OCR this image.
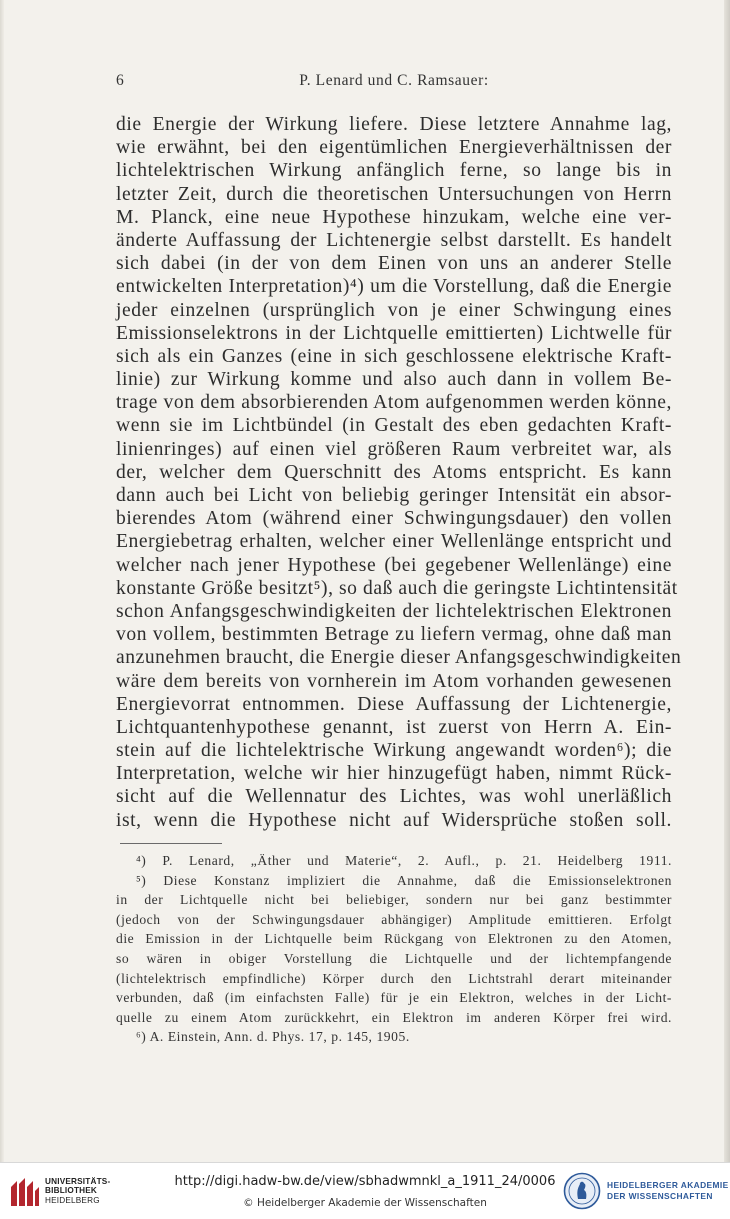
6	P. Lenard und C. Ramsauer:
die Energie der Wirkung liefere. Diese letztere Annahme lag,
wie erwähnt, bei den eigentümlichen Energieverhältnissen der
lichtelektrischen Wirkung anfänglich ferne, so lange bis in
letzter Zeit, durch die theoretischen Untersuchungen von Herrn
M. Planck, eine neue Hypothese hinzukam, welche eine ver-
änderte Auffassung der Lichtenergie selbst darstellt. Es handelt
sich dabei (in der von dem Einen von uns an anderer Stelle
entwickelten Interpretation)⁴) um die Vorstellung, daß die Energie
jeder einzelnen (ursprünglich von je einer Schwingung eines
Emissionselektrons in der Lichtquelle emittierten) Lichtwelle für
sich als ein Ganzes (eine in sich geschlossene elektrische Kraft-
linie) zur Wirkung komme und also auch dann in vollem Be-
trage von dem absorbierenden Atom aufgenommen werden könne,
wenn sie im Lichtbündel (in Gestalt des eben gedachten Kraft-
linienringes) auf einen viel größeren Raum verbreitet war, als
der, welcher dem Querschnitt des Atoms entspricht. Es kann
dann auch bei Licht von beliebig geringer Intensität ein absor-
bierendes Atom (während einer Schwingungsdauer) den vollen
Energiebetrag erhalten, welcher einer Wellenlänge entspricht und
welcher nach jener Hypothese (bei gegebener Wellenlänge) eine
konstante Größe besitzt⁵), so daß auch die geringste Lichtintensität
schon Anfangsgeschwindigkeiten der lichtelektrischen Elektronen
von vollem, bestimmten Betrage zu liefern vermag, ohne daß man
anzunehmen braucht, die Energie dieser Anfangsgeschwindigkeiten
wäre dem bereits von vornherein im Atom vorhanden gewesenen
Energievorrat entnommen. Diese Auffassung der Lichtenergie,
Lichtquantenhypothese genannt, ist zuerst von Herrn A. Ein-
stein auf die lichtelektrische Wirkung angewandt worden⁶); die
Interpretation, welche wir hier hinzugefügt haben, nimmt Rück-
sicht auf die Wellennatur des Lichtes, was wohl unerläßlich
ist, wenn die Hypothese nicht auf Widersprüche stoßen soll.
⁴) P. Lenard, „Äther und Materie“, 2. Aufl., p. 21. Heidelberg 1911.
⁵) Diese Konstanz impliziert die Annahme, daß die Emissionselektronen
in der Lichtquelle nicht bei beliebiger, sondern nur bei ganz bestimmter
(jedoch von der Schwingungsdauer abhängiger) Amplitude emittieren. Erfolgt
die Emission in der Lichtquelle beim Rückgang von Elektronen zu den Atomen,
so wären in obiger Vorstellung die Lichtquelle und der lichtempfangende
(lichtelektrisch empfindliche) Körper durch den Lichtstrahl derart miteinander
verbunden, daß (im einfachsten Falle) für je ein Elektron, welches in der Licht-
quelle zu einem Atom zurückkehrt, ein Elektron im anderen Körper frei wird.
⁶) A. Einstein, Ann. d. Phys. 17, p. 145, 1905.
UNIVERSITÄTS-
BIBLIOTHEK
HEIDELBERG
http://digi.hadw-bw.de/view/sbhadwmnkl_a_1911_24/0006
© Heidelberger Akademie der Wissenschaften
HEIDELBERGER AKADEMIE
DER WISSENSCHAFTEN
